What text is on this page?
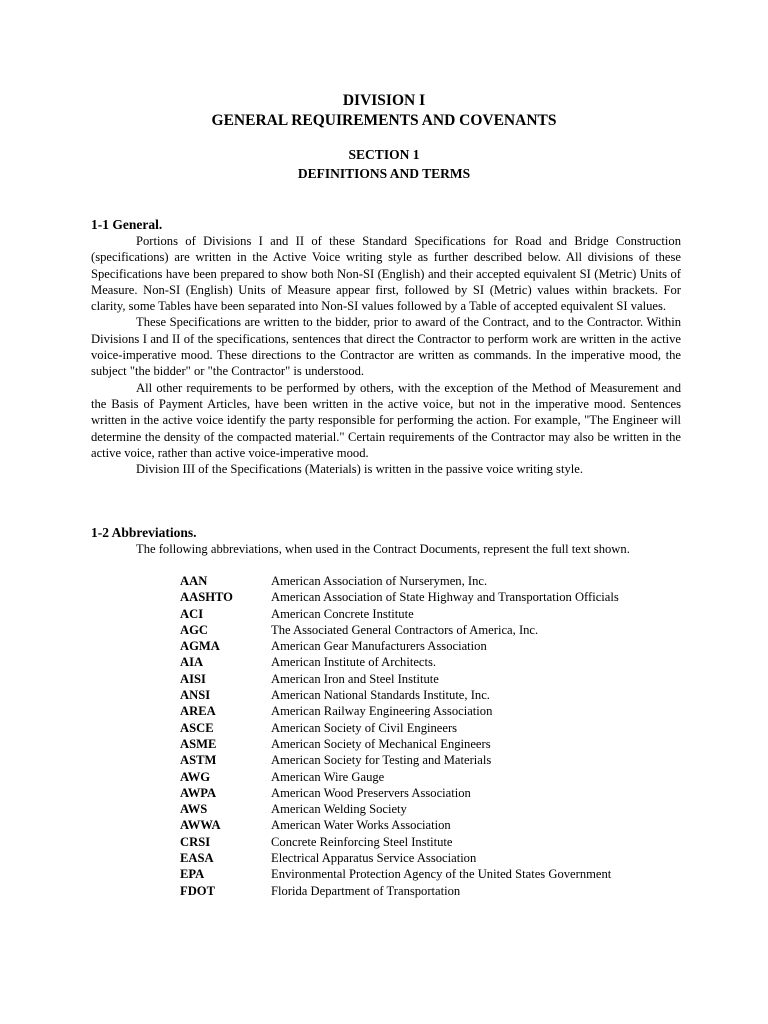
DIVISION I
GENERAL REQUIREMENTS AND COVENANTS
SECTION 1
DEFINITIONS AND TERMS
1-1 General.

Portions of Divisions I and II of these Standard Specifications for Road and Bridge Construction (specifications) are written in the Active Voice writing style as further described below. All divisions of these Specifications have been prepared to show both Non-SI (English) and their accepted equivalent SI (Metric) Units of Measure. Non-SI (English) Units of Measure appear first, followed by SI (Metric) values within brackets. For clarity, some Tables have been separated into Non-SI values followed by a Table of accepted equivalent SI values.

These Specifications are written to the bidder, prior to award of the Contract, and to the Contractor. Within Divisions I and II of the specifications, sentences that direct the Contractor to perform work are written in the active voice-imperative mood. These directions to the Contractor are written as commands. In the imperative mood, the subject "the bidder" or "the Contractor" is understood.

All other requirements to be performed by others, with the exception of the Method of Measurement and the Basis of Payment Articles, have been written in the active voice, but not in the imperative mood. Sentences written in the active voice identify the party responsible for performing the action. For example, "The Engineer will determine the density of the compacted material." Certain requirements of the Contractor may also be written in the active voice, rather than active voice-imperative mood.

Division III of the Specifications (Materials) is written in the passive voice writing style.

1-2 Abbreviations.
The following abbreviations, when used in the Contract Documents, represent the full text shown.
AAN	American Association of Nurserymen, Inc.
AASHTO	American Association of State Highway and Transportation Officials
ACI	American Concrete Institute
AGC	The Associated General Contractors of America, Inc.
AGMA	American Gear Manufacturers Association
AIA	American Institute of Architects.
AISI	American Iron and Steel Institute
ANSI	American National Standards Institute, Inc.
AREA	American Railway Engineering Association
ASCE	American Society of Civil Engineers
ASME	American Society of Mechanical Engineers
ASTM	American Society for Testing and Materials
AWG	American Wire Gauge
AWPA	American Wood Preservers Association
AWS	American Welding Society
AWWA	American Water Works Association
CRSI	Concrete Reinforcing Steel Institute
EASA	Electrical Apparatus Service Association
EPA	Environmental Protection Agency of the United States Government
FDOT	Florida Department of Transportation
